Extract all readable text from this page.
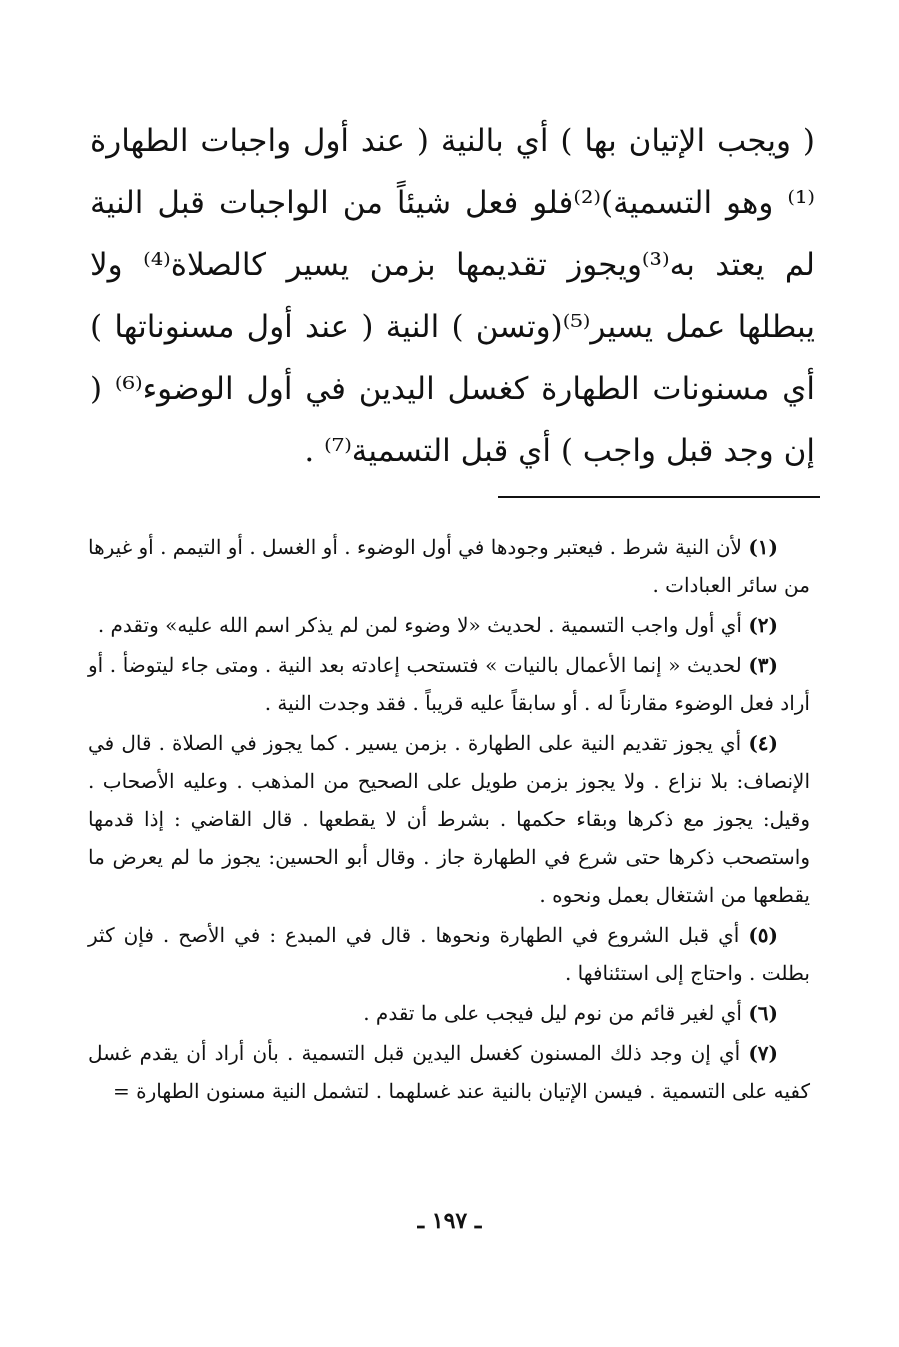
( ويجب الإتيان بها ) أي بالنية ( عند أول واجبات الطهارة ⁽¹⁾ وهو التسمية)⁽²⁾فلو فعل شيئاً من الواجبات قبل النية لم يعتد به⁽³⁾ويجوز تقديمها بزمن يسير كالصلاة⁽⁴⁾ ولا يبطلها عمل يسير⁽⁵⁾(وتسن ) النية ( عند أول مسنوناتها ) أي مسنونات الطهارة كغسل اليدين في أول الوضوء⁽⁶⁾ ( إن وجد قبل واجب ) أي قبل التسمية⁽⁷⁾ .

(١) لأن النية شرط . فيعتبر وجودها في أول الوضوء . أو الغسل . أو التيمم . أو غيرها من سائر العبادات .

(٢) أي أول واجب التسمية . لحديث «لا وضوء لمن لم يذكر اسم الله عليه» وتقدم .

(٣) لحديث « إنما الأعمال بالنيات » فتستحب إعادته بعد النية . ومتى جاء ليتوضأ . أو أراد فعل الوضوء مقارناً له . أو سابقاً عليه قريباً . فقد وجدت النية .

(٤) أي يجوز تقديم النية على الطهارة . بزمن يسير . كما يجوز في الصلاة . قال في الإنصاف: بلا نزاع . ولا يجوز بزمن طويل على الصحيح من المذهب . وعليه الأصحاب . وقيل: يجوز مع ذكرها وبقاء حكمها . بشرط أن لا يقطعها . قال القاضي : إذا قدمها واستصحب ذكرها حتى شرع في الطهارة جاز . وقال أبو الحسين: يجوز ما لم يعرض ما يقطعها من اشتغال بعمل ونحوه .

(٥) أي قبل الشروع في الطهارة ونحوها . قال في المبدع : في الأصح . فإن كثر بطلت . واحتاج إلى استئنافها .

(٦) أي لغير قائم من نوم ليل فيجب على ما تقدم .

(٧) أي إن وجد ذلك المسنون كغسل اليدين قبل التسمية . بأن أراد أن يقدم غسل كفيه على التسمية . فيسن الإتيان بالنية عند غسلهما . لتشمل النية مسنون الطهارة =

ـ ١٩٧ ـ
